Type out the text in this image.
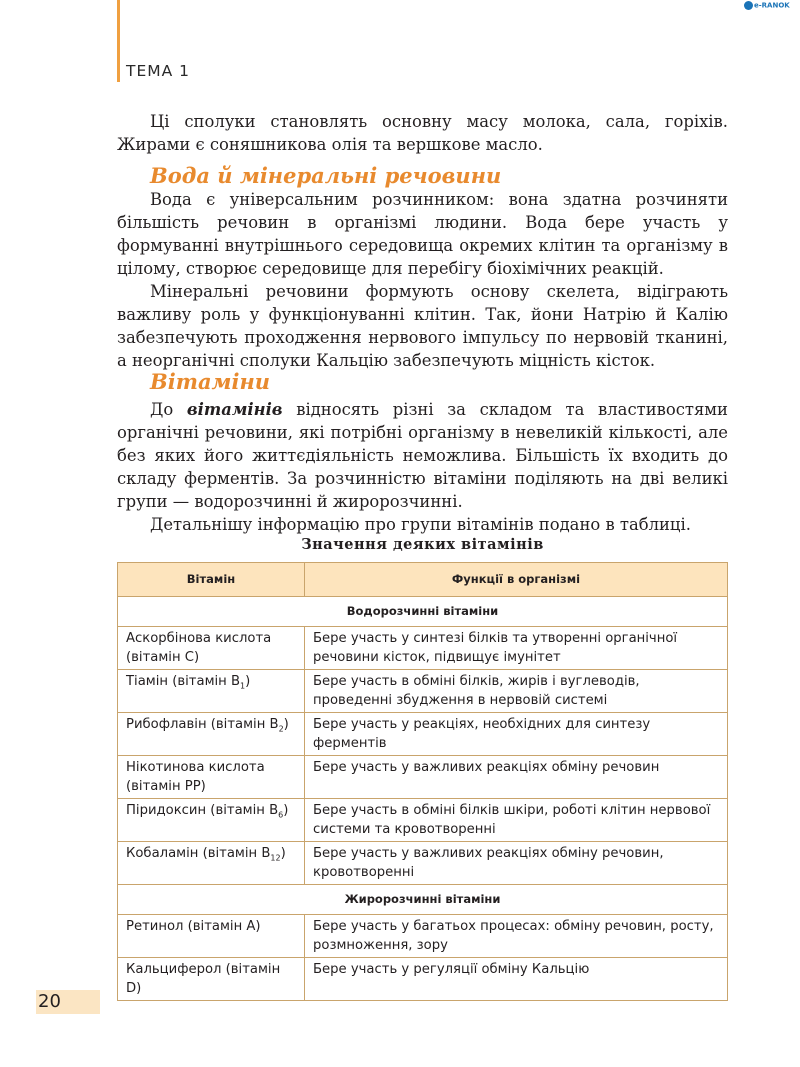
ТЕМА 1
e-RANOK

Ці сполуки становлять основну масу молока, сала, горіхів. Жирами є соняшникова олія та вершкове масло.

Вода й мінеральні речовини

Вода є універсальним розчинником: вона здатна розчиняти більшість речовин в організмі людини. Вода бере участь у формуванні внутрішнього середовища окремих клітин та організму в цілому, створює середовище для перебігу біохімічних реакцій.

Мінеральні речовини формують основу скелета, відіграють важливу роль у функціонуванні клітин. Так, йони Натрію й Калію забезпечують проходження нервового імпульсу по нервовій тканині, а неорганічні сполуки Кальцію забезпечують міцність кісток.

Вітаміни

До вітамінів відносять різні за складом та властивостями органічні речовини, які потрібні організму в невеликій кількості, але без яких його життєдіяльність неможлива. Більшість їх входить до складу ферментів. За розчинністю вітаміни поділяють на дві великі групи — водорозчинні й жиророзчинні.

Детальнішу інформацію про групи вітамінів подано в таблиці.

Значення деяких вітамінів
Вітамін	Функції в організмі
Водорозчинні вітаміни	
Аскорбінова кислота (вітамін С)	Бере участь у синтезі білків та утворенні органічної речовини кісток, підвищує імунітет
Тіамін (вітамін $B_1$)	Бере участь в обміні білків, жирів і вуглеводів, проведенні збудження в нервовій системі
Рибофлавін (вітамін $B_2$)	Бере участь у реакціях, необхідних для синтезу ферментів
Нікотинова кислота (вітамін PP)	Бере участь у важливих реакціях обміну речовин
Піридоксин (вітамін $B_6$)	Бере участь в обміні білків шкіри, роботі клітин нервової системи та кровотворенні
Кобаламін (вітамін $B_{12}$)	Бере участь у важливих реакціях обміну речовин, кровотворенні
Жиророзчинні вітаміни	
Ретинол (вітамін А)	Бере участь у багатьох процесах: обміну речовин, росту, розмноження, зору
Кальциферол (вітамін D)	Бере участь у регуляції обміну Кальцію
20
